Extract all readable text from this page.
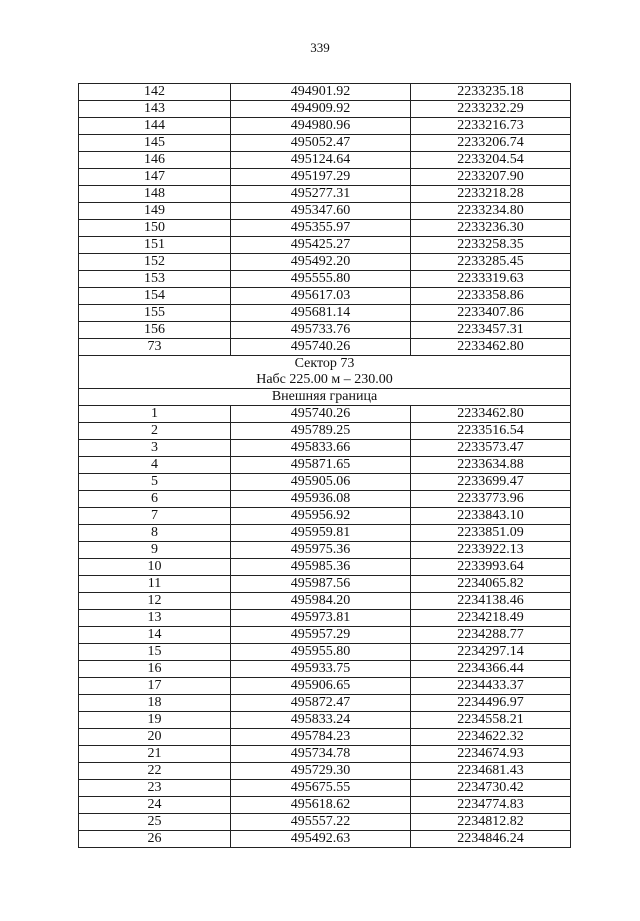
339
142	494901.92	2233235.18
143	494909.92	2233232.29
144	494980.96	2233216.73
145	495052.47	2233206.74
146	495124.64	2233204.54
147	495197.29	2233207.90
148	495277.31	2233218.28
149	495347.60	2233234.80
150	495355.97	2233236.30
151	495425.27	2233258.35
152	495492.20	2233285.45
153	495555.80	2233319.63
154	495617.03	2233358.86
155	495681.14	2233407.86
156	495733.76	2233457.31
73	495740.26	2233462.80

Сектор 73
Набс 225.00 м – 230.00		

Внешняя граница		
1	495740.26	2233462.80
2	495789.25	2233516.54
3	495833.66	2233573.47
4	495871.65	2233634.88
5	495905.06	2233699.47
6	495936.08	2233773.96
7	495956.92	2233843.10
8	495959.81	2233851.09
9	495975.36	2233922.13
10	495985.36	2233993.64
11	495987.56	2234065.82
12	495984.20	2234138.46
13	495973.81	2234218.49
14	495957.29	2234288.77
15	495955.80	2234297.14
16	495933.75	2234366.44
17	495906.65	2234433.37
18	495872.47	2234496.97
19	495833.24	2234558.21
20	495784.23	2234622.32
21	495734.78	2234674.93
22	495729.30	2234681.43
23	495675.55	2234730.42
24	495618.62	2234774.83
25	495557.22	2234812.82
26	495492.63	2234846.24
